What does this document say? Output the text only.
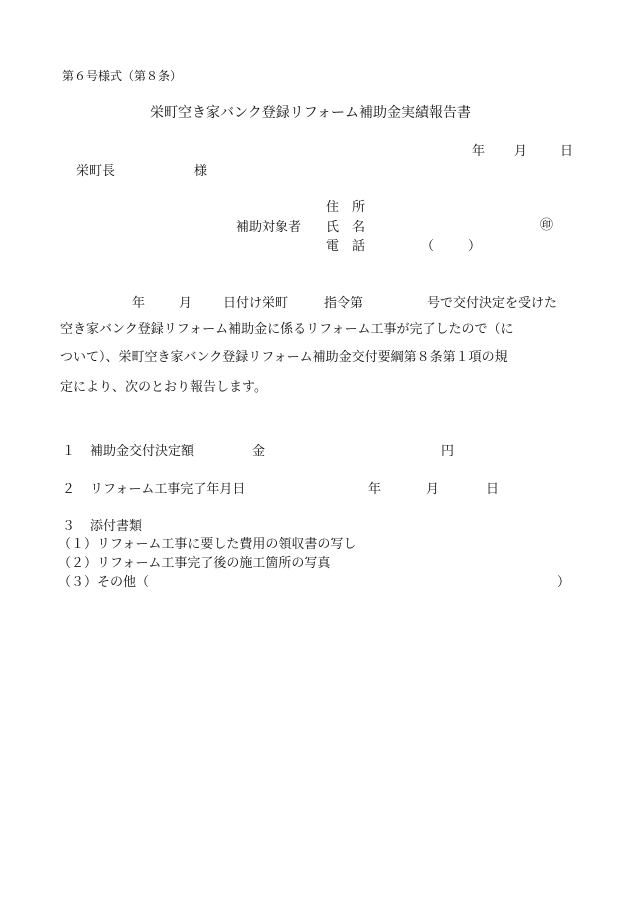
第６号様式（第８条）
栄町空き家バンク登録リフォーム補助金実績報告書
年 月	日
栄町長	様
住　所
補助対象者 氏　名	㊞
電　話	（	）
年	月 日付け栄町	指令第	号で交付決定を受けた
空き家バンク登録リフォーム補助金に係るリフォーム工事が完了したので（に
ついて）、栄町空き家バンク登録リフォーム補助金交付要綱第８条第１項の規
定により、次のとおり報告します。
１ 補助金交付決定額	金	円
２ リフォーム工事完了年月日	年	月	日
３ 添付書類
（１）リフォーム工事に要した費用の領収書の写し
（２）リフォーム工事完了後の施工箇所の写真
（３）その他（	）
